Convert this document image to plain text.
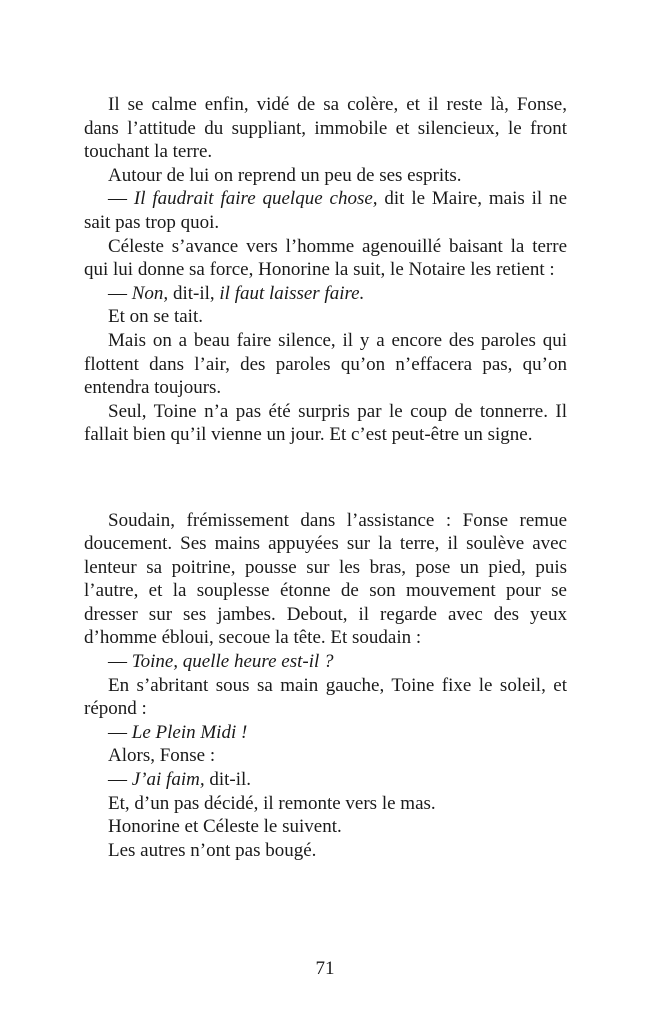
Il se calme enfin, vidé de sa colère, et il reste là, Fonse, dans l’attitude du suppliant, immobile et silencieux, le front touchant la terre.

Autour de lui on reprend un peu de ses esprits.

— Il faudrait faire quelque chose, dit le Maire, mais il ne sait pas trop quoi.

Céleste s’avance vers l’homme agenouillé baisant la terre qui lui donne sa force, Honorine la suit, le Notaire les retient :

— Non, dit-il, il faut laisser faire.

Et on se tait.

Mais on a beau faire silence, il y a encore des paroles qui flottent dans l’air, des paroles qu’on n’effacera pas, qu’on entendra toujours.

Seul, Toine n’a pas été surpris par le coup de tonnerre. Il fallait bien qu’il vienne un jour. Et c’est peut-être un signe.

Soudain, frémissement dans l’assistance : Fonse remue doucement. Ses mains appuyées sur la terre, il soulève avec lenteur sa poitrine, pousse sur les bras, pose un pied, puis l’autre, et la souplesse étonne de son mouvement pour se dresser sur ses jambes. Debout, il regarde avec des yeux d’homme ébloui, secoue la tête. Et soudain :

— Toine, quelle heure est-il ?

En s’abritant sous sa main gauche, Toine fixe le soleil, et répond :

— Le Plein Midi !

Alors, Fonse :

— J’ai faim, dit-il.

Et, d’un pas décidé, il remonte vers le mas.

Honorine et Céleste le suivent.

Les autres n’ont pas bougé.

71
